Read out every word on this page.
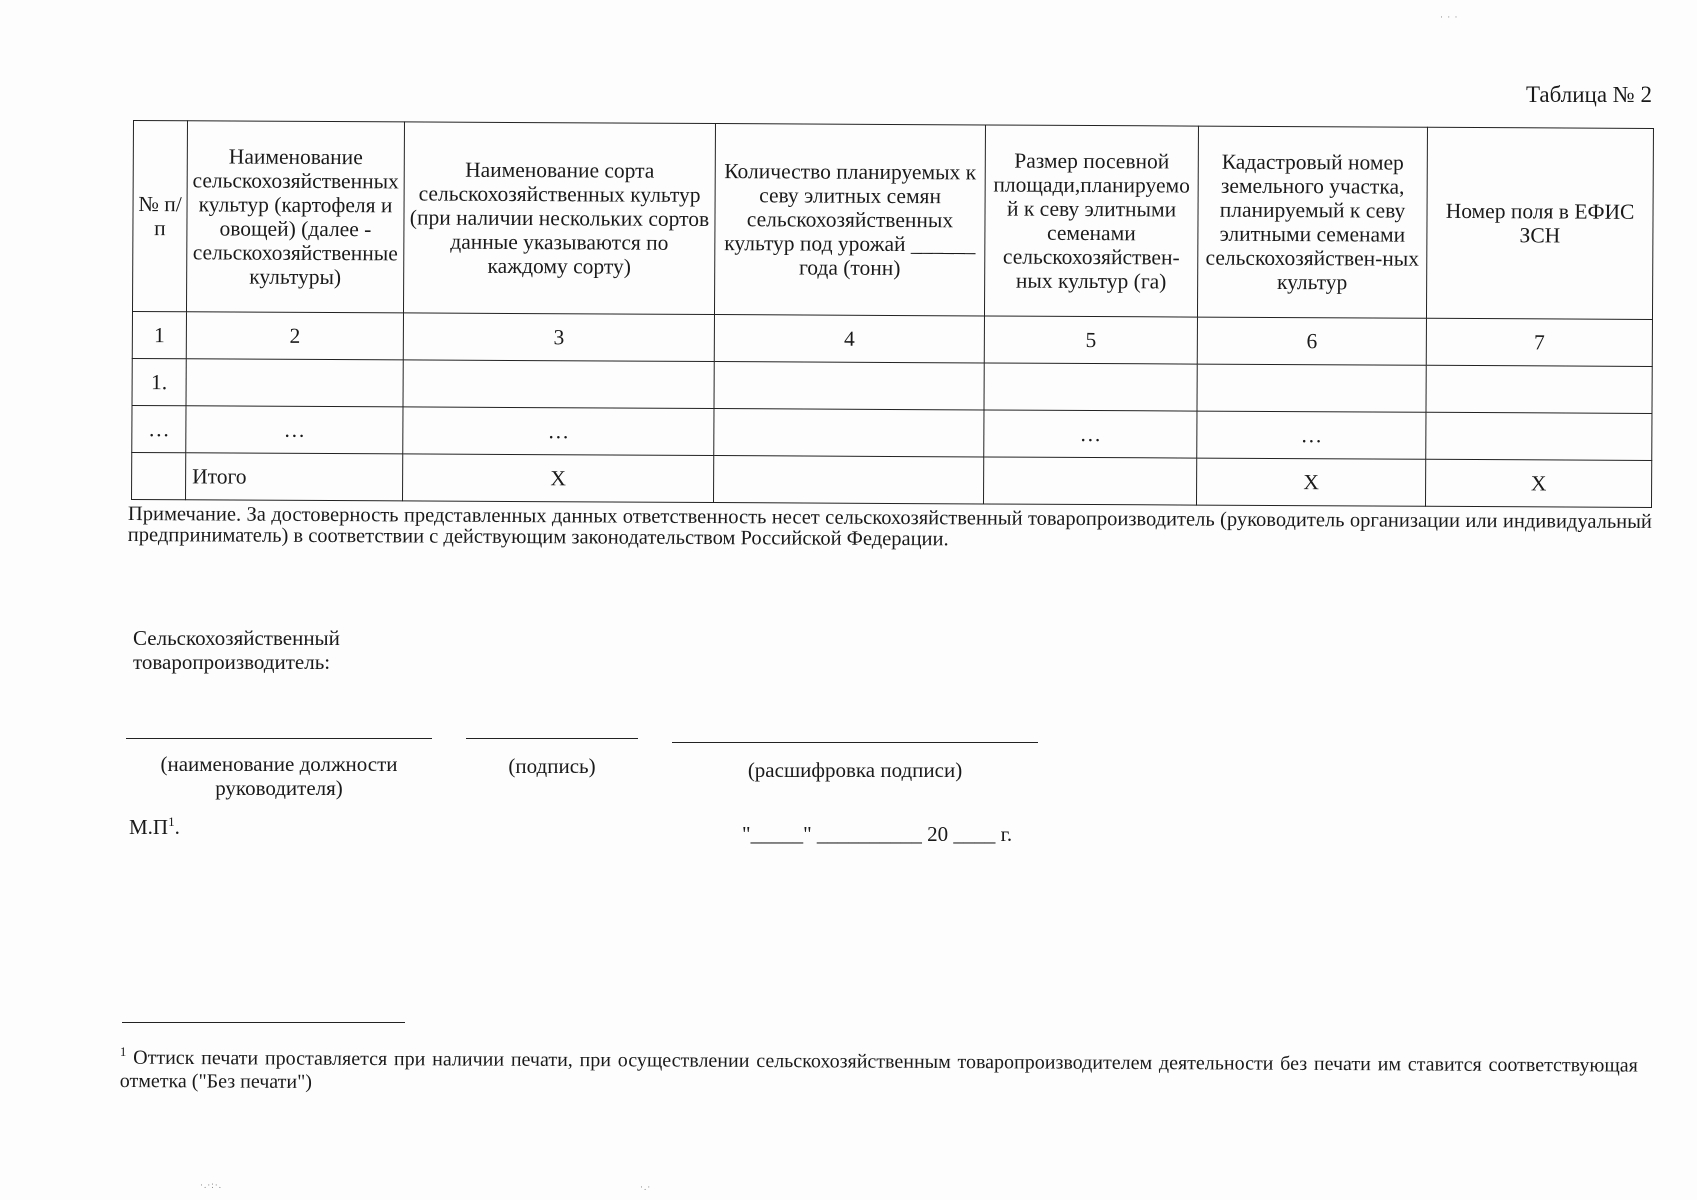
Таблица № 2
№ п/п	Наименование сельскохозяйственных культур (картофеля и овощей) (далее - сельскохозяйственные культуры)	Наименование сорта сельскохозяйственных культур (при наличии нескольких сортов данные указываются по каждому сорту)	Количество планируемых к севу элитных семян сельскохозяйственных культур под урожай ______ года (тонн)	Размер посевной площади,планируемой к севу элитными семенами сельскохозяйствен-ных культур (га)	Кадастровый номер земельного участка, планируемый к севу элитными семенами сельскохозяйствен-ных культур	Номер поля в ЕФИС ЗСН
1	2	3	4	5	6	7
1.						
…	…	…		…	…	
	Итого	Х			Х	Х
Примечание. За достоверность представленных данных ответственность несет сельскохозяйственный товаропроизводитель (руководитель организации или индивидуальный предприниматель) в соответствии с действующим законодательством Российской Федерации.
Сельскохозяйственный товаропроизводитель:
(наименование должности руководителя)
(подпись)	(расшифровка подписи)
$М.П^1$.	"_____" __________ 20 ____ г.
$^1$ Оттиск печати проставляется при наличии печати, при осуществлении сельскохозяйственным товаропроизводителем деятельности без печати им ставится соответствующая отметка ("Без печати")
· · ·
·.·:·.	·.·
